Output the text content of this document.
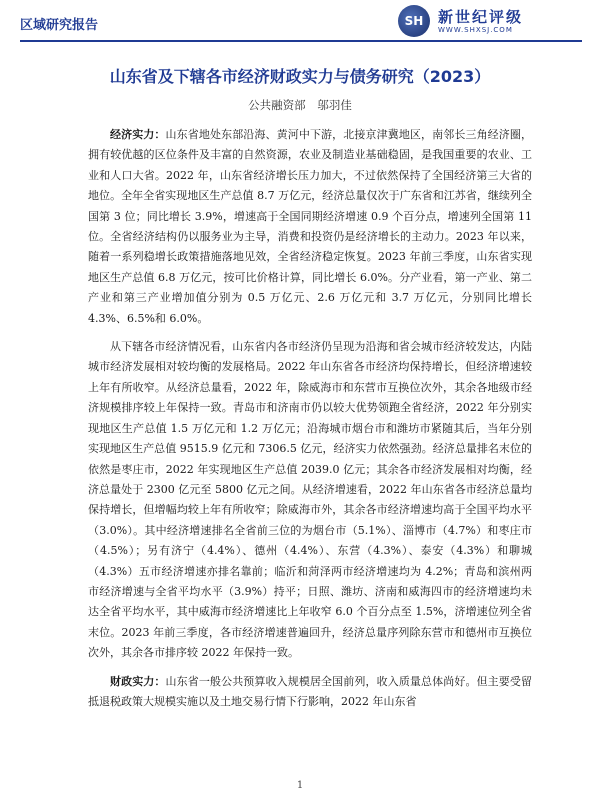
区域研究报告	SH 新世纪评级
WWW.SHXSJ.COM
山东省及下辖各市经济财政实力与债务研究（2023）
公共融资部 邬羽佳

经济实力：山东省地处东部沿海、黄河中下游，北接京津冀地区，南邻长三角经济圈，拥有较优越的区位条件及丰富的自然资源，农业及制造业基础稳固，是我国重要的农业、工业和人口大省。2022 年，山东省经济增长压力加大，不过依然保持了全国经济第三大省的地位。全年全省实现地区生产总值 8.7 万亿元，经济总量仅次于广东省和江苏省，继续列全国第 3 位；同比增长 3.9%，增速高于全国同期经济增速 0.9 个百分点，增速列全国第 11 位。全省经济结构仍以服务业为主导，消费和投资仍是经济增长的主动力。2023 年以来，随着一系列稳增长政策措施落地见效，全省经济稳定恢复。2023 年前三季度，山东省实现地区生产总值 6.8 万亿元，按可比价格计算，同比增长 6.0%。分产业看，第一产业、第二产业和第三产业增加值分别为 0.5 万亿元、2.6 万亿元和 3.7 万亿元，分别同比增长 4.3%、6.5%和 6.0%。

从下辖各市经济情况看，山东省内各市经济仍呈现为沿海和省会城市经济较发达，内陆城市经济发展相对较均衡的发展格局。2022 年山东省各市经济均保持增长，但经济增速较上年有所收窄。从经济总量看，2022 年，除威海市和东营市互换位次外，其余各地级市经济规模排序较上年保持一致。青岛市和济南市仍以较大优势领跑全省经济，2022 年分别实现地区生产总值 1.5 万亿元和 1.2 万亿元；沿海城市烟台市和潍坊市紧随其后，当年分别实现地区生产总值 9515.9 亿元和 7306.5 亿元，经济实力依然强劲。经济总量排名末位的依然是枣庄市，2022 年实现地区生产总值 2039.0 亿元；其余各市经济发展相对均衡，经济总量处于 2300 亿元至 5800 亿元之间。从经济增速看，2022 年山东省各市经济总量均保持增长，但增幅均较上年有所收窄；除威海市外，其余各市经济增速均高于全国平均水平（3.0%）。其中经济增速排名全省前三位的为烟台市（5.1%）、淄博市（4.7%）和枣庄市（4.5%）；另有济宁（4.4%）、德州（4.4%）、东营（4.3%）、泰安（4.3%）和聊城（4.3%）五市经济增速亦排名靠前；临沂和菏泽两市经济增速均为 4.2%；青岛和滨州两市经济增速与全省平均水平（3.9%）持平；日照、潍坊、济南和威海四市的经济增速均未达全省平均水平，其中威海市经济增速比上年收窄 6.0 个百分点至 1.5%，济增速位列全省末位。2023 年前三季度，各市经济增速普遍回升，经济总量序列除东营市和德州市互换位次外，其余各市排序较 2022 年保持一致。

财政实力：山东省一般公共预算收入规模居全国前列，收入质量总体尚好。但主要受留抵退税政策大规模实施以及土地交易行情下行影响，2022 年山东省

1
